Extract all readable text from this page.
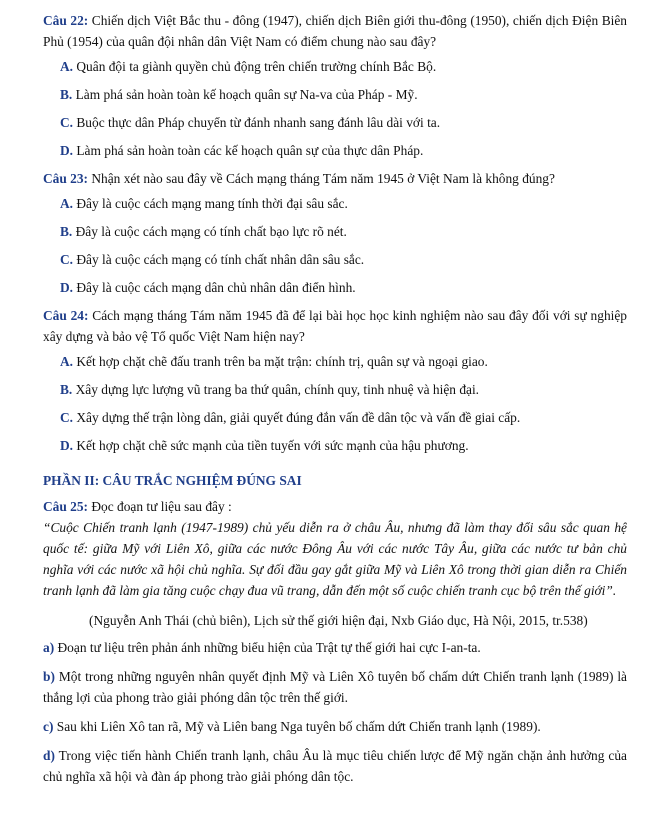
Câu 22: Chiến dịch Việt Bắc thu - đông (1947), chiến dịch Biên giới thu-đông (1950), chiến dịch Điện Biên Phủ (1954) của quân đội nhân dân Việt Nam có điểm chung nào sau đây?

A. Quân đội ta giành quyền chủ động trên chiến trường chính Bắc Bộ.
B. Làm phá sản hoàn toàn kế hoạch quân sự Na-va của Pháp - Mỹ.
C. Buộc thực dân Pháp chuyển từ đánh nhanh sang đánh lâu dài với ta.
D. Làm phá sản hoàn toàn các kế hoạch quân sự của thực dân Pháp.

Câu 23: Nhận xét nào sau đây về Cách mạng tháng Tám năm 1945 ở Việt Nam là không đúng?

A. Đây là cuộc cách mạng mang tính thời đại sâu sắc.
B. Đây là cuộc cách mạng có tính chất bạo lực rõ nét.
C. Đây là cuộc cách mạng có tính chất nhân dân sâu sắc.
D. Đây là cuộc cách mạng dân chủ nhân dân điển hình.

Câu 24: Cách mạng tháng Tám năm 1945 đã để lại bài học học kinh nghiệm nào sau đây đối với sự nghiệp xây dựng và bảo vệ Tổ quốc Việt Nam hiện nay?

A. Kết hợp chặt chẽ đấu tranh trên ba mặt trận: chính trị, quân sự và ngoại giao.
B. Xây dựng lực lượng vũ trang ba thứ quân, chính quy, tinh nhuệ và hiện đại.
C. Xây dựng thế trận lòng dân, giải quyết đúng đắn vấn đề dân tộc và vấn đề giai cấp.
D. Kết hợp chặt chẽ sức mạnh của tiền tuyến với sức mạnh của hậu phương.
PHẦN II: CÂU TRẮC NGHIỆM ĐÚNG SAI

Câu 25: Đọc đoạn tư liệu sau đây :

“Cuộc Chiến tranh lạnh (1947-1989) chủ yếu diễn ra ở châu Âu, nhưng đã làm thay đổi sâu sắc quan hệ quốc tế: giữa Mỹ với Liên Xô, giữa các nước Đông Âu với các nước Tây Âu, giữa các nước tư bản chủ nghĩa với các nước xã hội chủ nghĩa. Sự đối đầu gay gắt giữa Mỹ và Liên Xô trong thời gian diễn ra Chiến tranh lạnh đã làm gia tăng cuộc chạy đua vũ trang, dẫn đến một số cuộc chiến tranh cục bộ trên thế giới”.

(Nguyễn Anh Thái (chủ biên), Lịch sử thế giới hiện đại, Nxb Giáo dục, Hà Nội, 2015, tr.538)

a) Đoạn tư liệu trên phản ánh những biểu hiện của Trật tự thế giới hai cực I-an-ta.

b) Một trong những nguyên nhân quyết định Mỹ và Liên Xô tuyên bố chấm dứt Chiến tranh lạnh (1989) là thắng lợi của phong trào giải phóng dân tộc trên thế giới.

c) Sau khi Liên Xô tan rã, Mỹ và Liên bang Nga tuyên bố chấm dứt Chiến tranh lạnh (1989).

d) Trong việc tiến hành Chiến tranh lạnh, châu Âu là mục tiêu chiến lược để Mỹ ngăn chặn ảnh hưởng của chủ nghĩa xã hội và đàn áp phong trào giải phóng dân tộc.
